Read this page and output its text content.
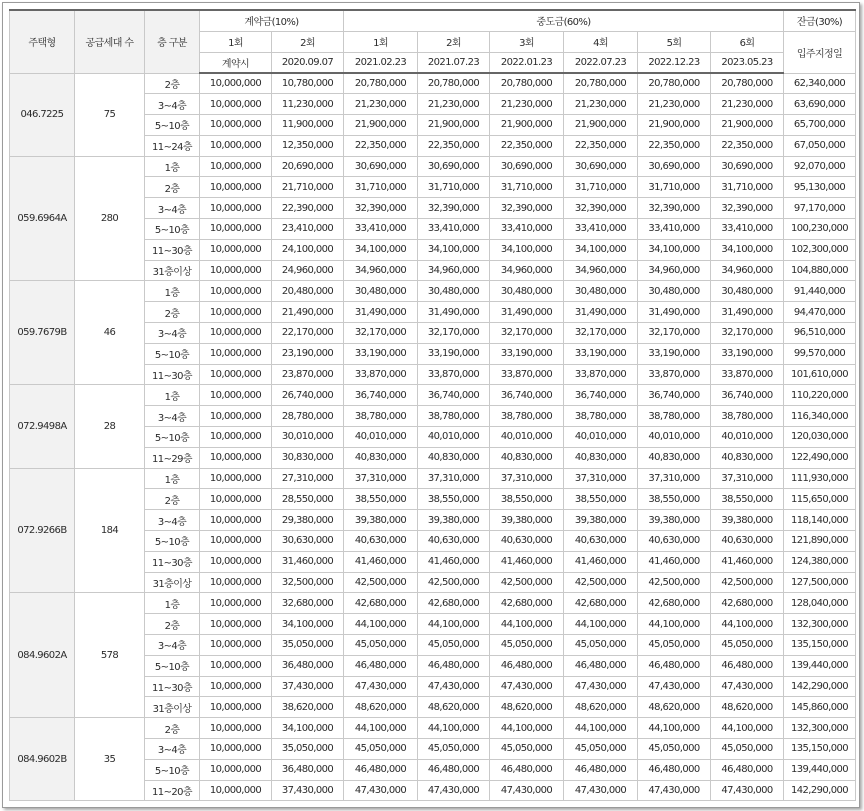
주택형	공급세대 수	층 구분	계약금(10%)		중도금(60%)						잔금(30%)
			1회	2회	1회	2회	3회	4회	5회	6회	입주지정일
			계약시	2020.09.07	2021.02.23	2021.07.23	2022.01.23	2022.07.23	2022.12.23	2023.05.23	
046.7225	75	2층	10,000,000	10,780,000	20,780,000	20,780,000	20,780,000	20,780,000	20,780,000	20,780,000	62,340,000
		3~4층	10,000,000	11,230,000	21,230,000	21,230,000	21,230,000	21,230,000	21,230,000	21,230,000	63,690,000
		5~10층	10,000,000	11,900,000	21,900,000	21,900,000	21,900,000	21,900,000	21,900,000	21,900,000	65,700,000
		11~24층	10,000,000	12,350,000	22,350,000	22,350,000	22,350,000	22,350,000	22,350,000	22,350,000	67,050,000
059.6964A	280	1층	10,000,000	20,690,000	30,690,000	30,690,000	30,690,000	30,690,000	30,690,000	30,690,000	92,070,000
		2층	10,000,000	21,710,000	31,710,000	31,710,000	31,710,000	31,710,000	31,710,000	31,710,000	95,130,000
		3~4층	10,000,000	22,390,000	32,390,000	32,390,000	32,390,000	32,390,000	32,390,000	32,390,000	97,170,000
		5~10층	10,000,000	23,410,000	33,410,000	33,410,000	33,410,000	33,410,000	33,410,000	33,410,000	100,230,000
		11~30층	10,000,000	24,100,000	34,100,000	34,100,000	34,100,000	34,100,000	34,100,000	34,100,000	102,300,000
		31층이상	10,000,000	24,960,000	34,960,000	34,960,000	34,960,000	34,960,000	34,960,000	34,960,000	104,880,000
059.7679B	46	1층	10,000,000	20,480,000	30,480,000	30,480,000	30,480,000	30,480,000	30,480,000	30,480,000	91,440,000
		2층	10,000,000	21,490,000	31,490,000	31,490,000	31,490,000	31,490,000	31,490,000	31,490,000	94,470,000
		3~4층	10,000,000	22,170,000	32,170,000	32,170,000	32,170,000	32,170,000	32,170,000	32,170,000	96,510,000
		5~10층	10,000,000	23,190,000	33,190,000	33,190,000	33,190,000	33,190,000	33,190,000	33,190,000	99,570,000
		11~30층	10,000,000	23,870,000	33,870,000	33,870,000	33,870,000	33,870,000	33,870,000	33,870,000	101,610,000
072.9498A	28	1층	10,000,000	26,740,000	36,740,000	36,740,000	36,740,000	36,740,000	36,740,000	36,740,000	110,220,000
		3~4층	10,000,000	28,780,000	38,780,000	38,780,000	38,780,000	38,780,000	38,780,000	38,780,000	116,340,000
		5~10층	10,000,000	30,010,000	40,010,000	40,010,000	40,010,000	40,010,000	40,010,000	40,010,000	120,030,000
		11~29층	10,000,000	30,830,000	40,830,000	40,830,000	40,830,000	40,830,000	40,830,000	40,830,000	122,490,000
072.9266B	184	1층	10,000,000	27,310,000	37,310,000	37,310,000	37,310,000	37,310,000	37,310,000	37,310,000	111,930,000
		2층	10,000,000	28,550,000	38,550,000	38,550,000	38,550,000	38,550,000	38,550,000	38,550,000	115,650,000
		3~4층	10,000,000	29,380,000	39,380,000	39,380,000	39,380,000	39,380,000	39,380,000	39,380,000	118,140,000
		5~10층	10,000,000	30,630,000	40,630,000	40,630,000	40,630,000	40,630,000	40,630,000	40,630,000	121,890,000
		11~30층	10,000,000	31,460,000	41,460,000	41,460,000	41,460,000	41,460,000	41,460,000	41,460,000	124,380,000
		31층이상	10,000,000	32,500,000	42,500,000	42,500,000	42,500,000	42,500,000	42,500,000	42,500,000	127,500,000
084.9602A	578	1층	10,000,000	32,680,000	42,680,000	42,680,000	42,680,000	42,680,000	42,680,000	42,680,000	128,040,000
		2층	10,000,000	34,100,000	44,100,000	44,100,000	44,100,000	44,100,000	44,100,000	44,100,000	132,300,000
		3~4층	10,000,000	35,050,000	45,050,000	45,050,000	45,050,000	45,050,000	45,050,000	45,050,000	135,150,000
		5~10층	10,000,000	36,480,000	46,480,000	46,480,000	46,480,000	46,480,000	46,480,000	46,480,000	139,440,000
		11~30층	10,000,000	37,430,000	47,430,000	47,430,000	47,430,000	47,430,000	47,430,000	47,430,000	142,290,000
		31층이상	10,000,000	38,620,000	48,620,000	48,620,000	48,620,000	48,620,000	48,620,000	48,620,000	145,860,000
084.9602B	35	2층	10,000,000	34,100,000	44,100,000	44,100,000	44,100,000	44,100,000	44,100,000	44,100,000	132,300,000
		3~4층	10,000,000	35,050,000	45,050,000	45,050,000	45,050,000	45,050,000	45,050,000	45,050,000	135,150,000
		5~10층	10,000,000	36,480,000	46,480,000	46,480,000	46,480,000	46,480,000	46,480,000	46,480,000	139,440,000
		11~20층	10,000,000	37,430,000	47,430,000	47,430,000	47,430,000	47,430,000	47,430,000	47,430,000	142,290,000
